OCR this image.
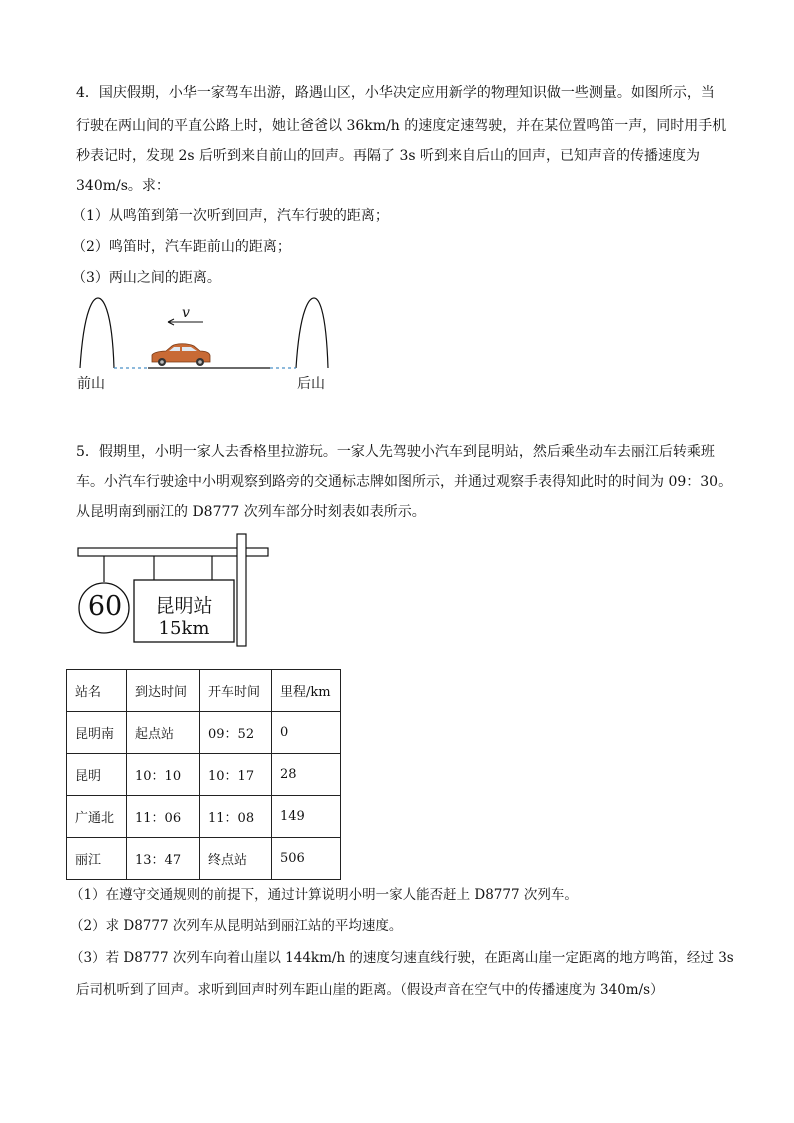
4．国庆假期，小华一家驾车出游，路遇山区，小华决定应用新学的物理知识做一些测量。如图所示，当
行驶在两山间的平直公路上时，她让爸爸以 36km/h 的速度定速驾驶，并在某位置鸣笛一声，同时用手机
秒表记时，发现 2s 后听到来自前山的回声。再隔了 3s 听到来自后山的回声，已知声音的传播速度为
340m/s。求：
（1）从鸣笛到第一次听到回声，汽车行驶的距离；
（2）鸣笛时，汽车距前山的距离；
（3）两山之间的距离。
v
前山	后山
5．假期里，小明一家人去香格里拉游玩。一家人先驾驶小汽车到昆明站，然后乘坐动车去丽江后转乘班
车。小汽车行驶途中小明观察到路旁的交通标志牌如图所示，并通过观察手表得知此时的时间为 09：30。
从昆明南到丽江的 D8777 次列车部分时刻表如表所示。
60	昆明站
15km
站名	到达时间	开车时间	里程/km
昆明南	起点站	09：52	0
昆明	10：10	10：17	28
广通北	11：06	11：08	149
丽江	13：47	终点站	506
（1）在遵守交通规则的前提下，通过计算说明小明一家人能否赶上 D8777 次列车。
（2）求 D8777 次列车从昆明站到丽江站的平均速度。
（3）若 D8777 次列车向着山崖以 144km/h 的速度匀速直线行驶，在距离山崖一定距离的地方鸣笛，经过 3s
后司机听到了回声。求听到回声时列车距山崖的距离。（假设声音在空气中的传播速度为 340m/s）
